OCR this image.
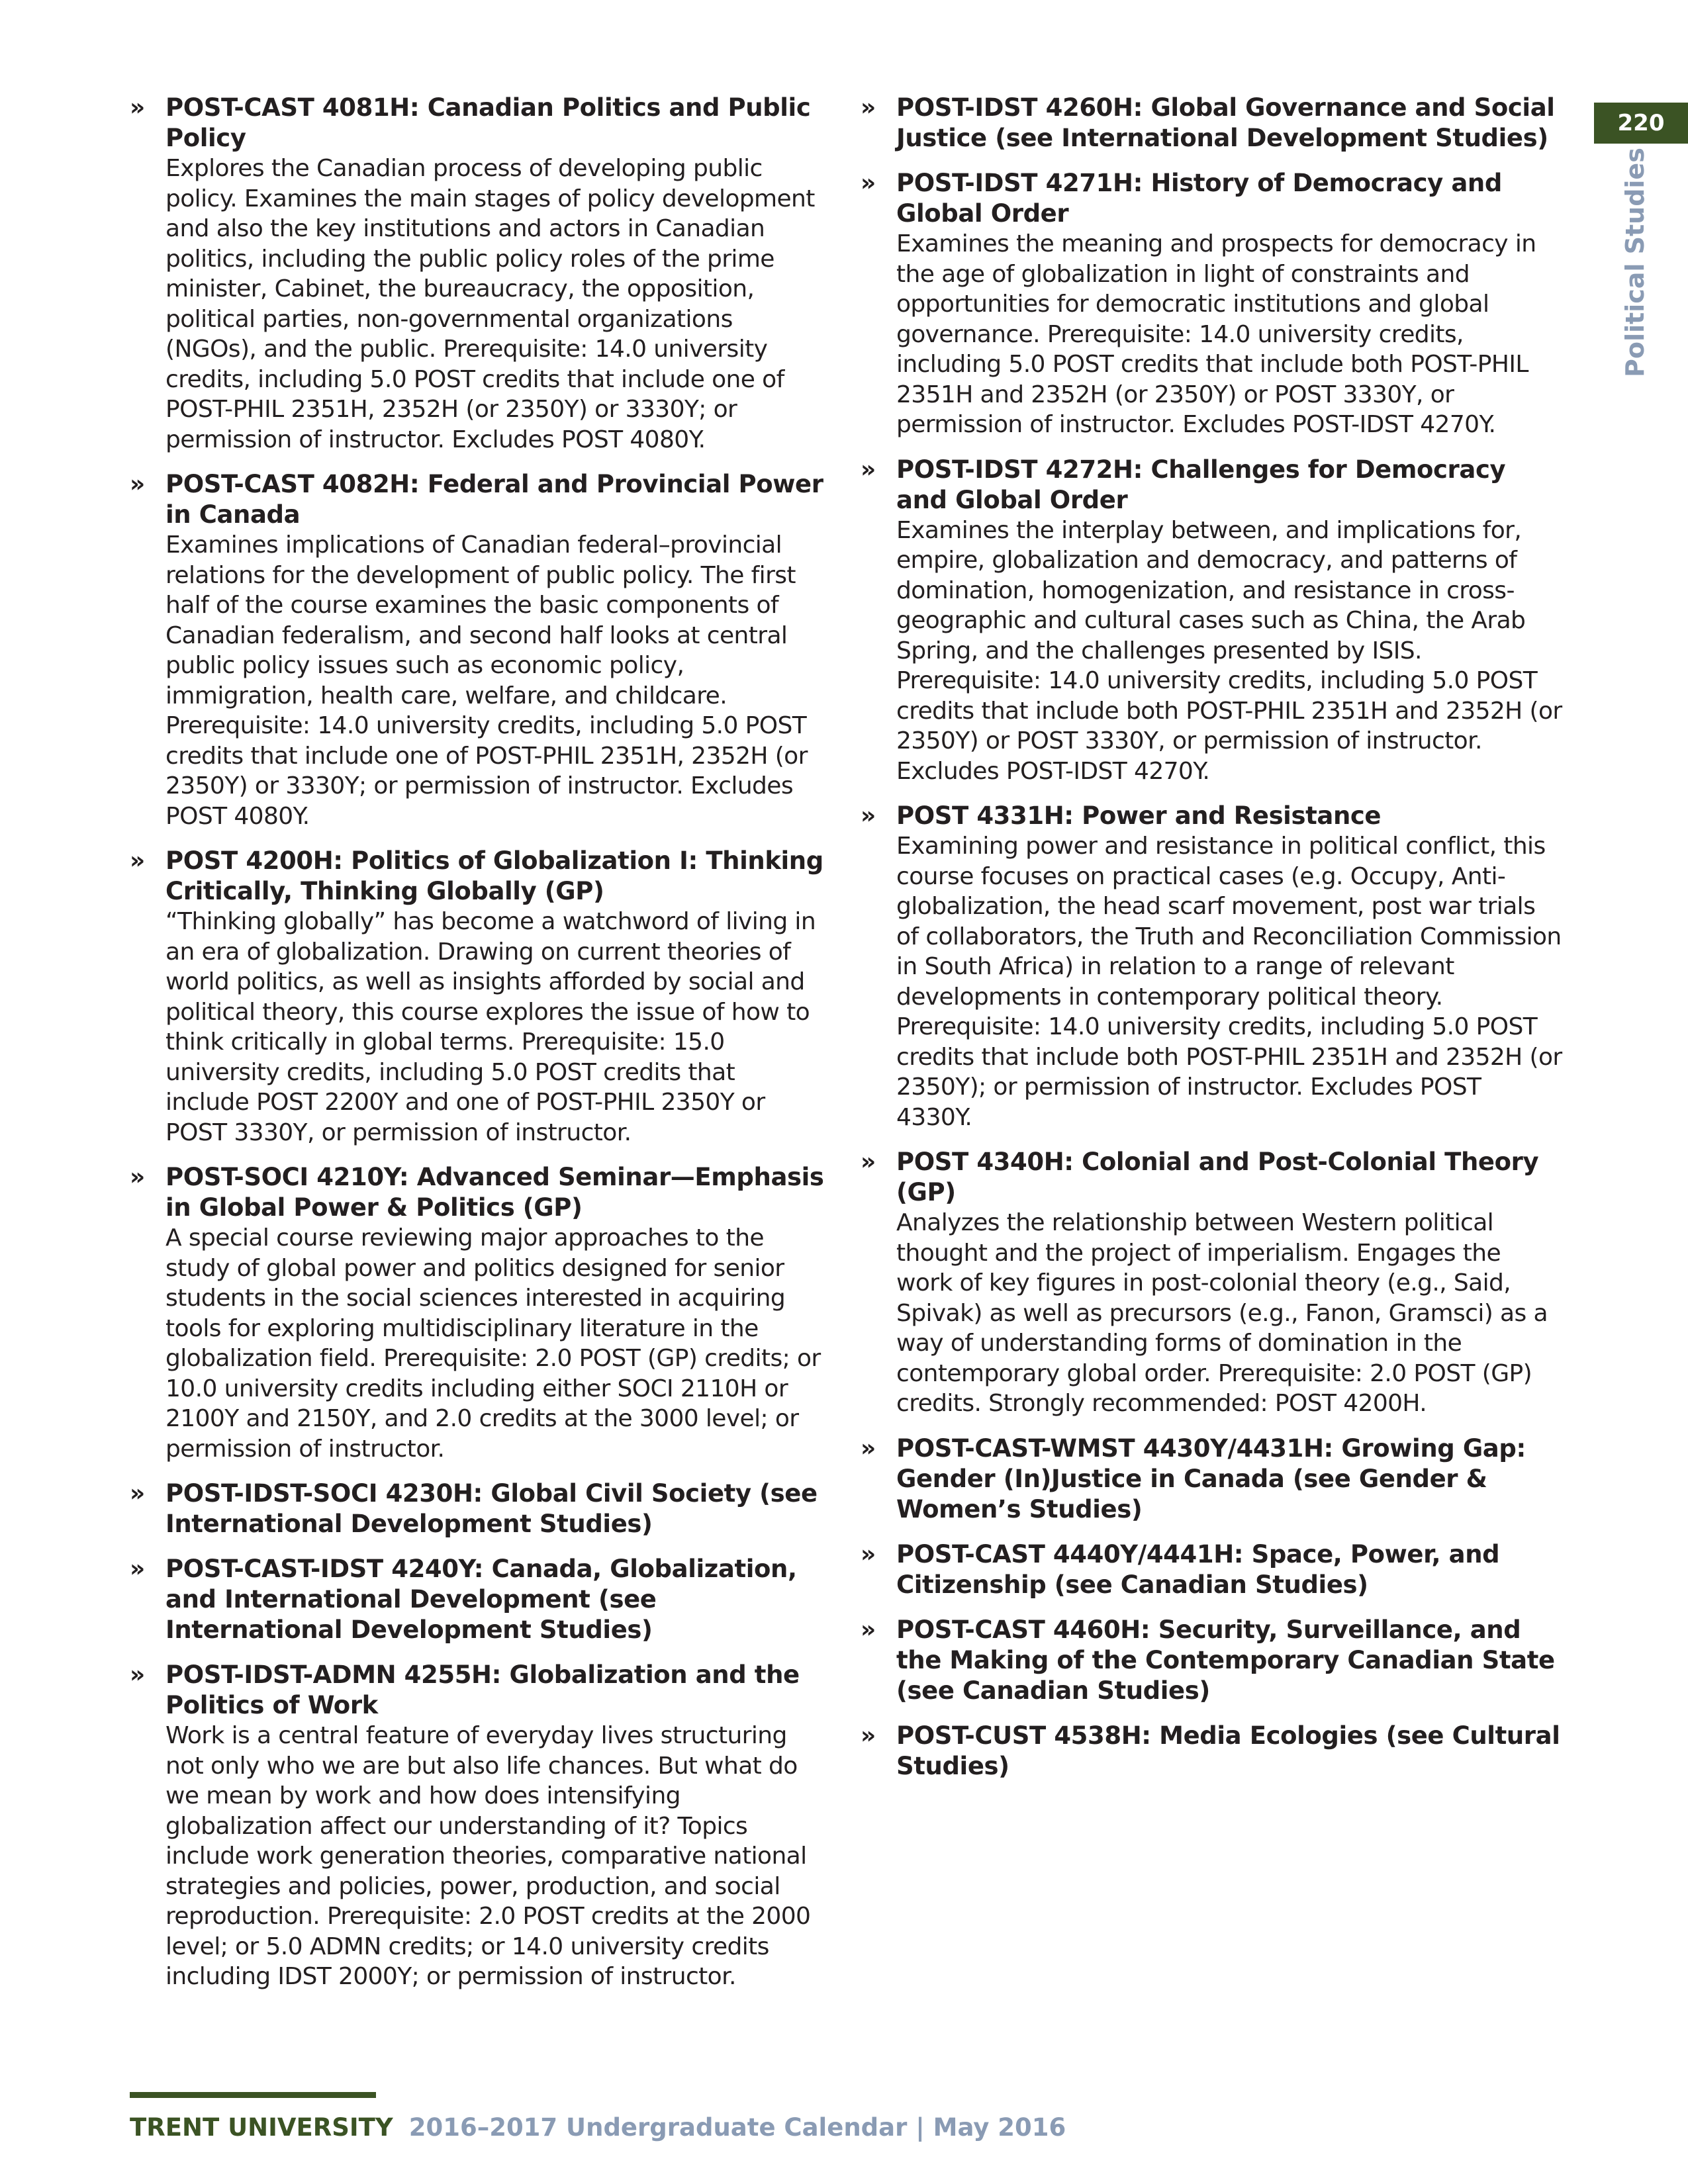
220
Political Studies
» POST-CAST 4081H: Canadian Politics and Public Policy
Explores the Canadian process of developing public policy. Examines the main stages of policy development and also the key institutions and actors in Canadian politics, including the public policy roles of the prime minister, Cabinet, the bureaucracy, the opposition, political parties, non-governmental organizations (NGOs), and the public. Prerequisite: 14.0 university credits, including 5.0 POST credits that include one of POST-PHIL 2351H, 2352H (or 2350Y) or 3330Y; or permission of instructor. Excludes POST 4080Y.
» POST-CAST 4082H: Federal and Provincial Power in Canada
Examines implications of Canadian federal–provincial relations for the development of public policy. The first half of the course examines the basic components of Canadian federalism, and second half looks at central public policy issues such as economic policy, immigration, health care, welfare, and childcare. Prerequisite: 14.0 university credits, including 5.0 POST credits that include one of POST-PHIL 2351H, 2352H (or 2350Y) or 3330Y; or permission of instructor. Excludes POST 4080Y.
» POST 4200H: Politics of Globalization I: Thinking Critically, Thinking Globally (GP)
“Thinking globally” has become a watchword of living in an era of globalization. Drawing on current theories of world politics, as well as insights afforded by social and political theory, this course explores the issue of how to think critically in global terms. Prerequisite: 15.0 university credits, including 5.0 POST credits that include POST 2200Y and one of POST-PHIL 2350Y or POST 3330Y, or permission of instructor.
» POST-SOCI 4210Y: Advanced Seminar—Emphasis in Global Power & Politics (GP)
A special course reviewing major approaches to the study of global power and politics designed for senior students in the social sciences interested in acquiring tools for exploring multidisciplinary literature in the globalization field. Prerequisite: 2.0 POST (GP) credits; or 10.0 university credits including either SOCI 2110H or 2100Y and 2150Y, and 2.0 credits at the 3000 level; or permission of instructor.
» POST-IDST-SOCI 4230H: Global Civil Society (see International Development Studies)
» POST-CAST-IDST 4240Y: Canada, Globalization, and International Development (see International Development Studies)
» POST-IDST-ADMN 4255H: Globalization and the Politics of Work
Work is a central feature of everyday lives structuring not only who we are but also life chances. But what do we mean by work and how does intensifying globalization affect our understanding of it? Topics include work generation theories, comparative national strategies and policies, power, production, and social reproduction. Prerequisite: 2.0 POST credits at the 2000 level; or 5.0 ADMN credits; or 14.0 university credits including IDST 2000Y; or permission of instructor.
» POST-IDST 4260H: Global Governance and Social Justice (see International Development Studies)
» POST-IDST 4271H: History of Democracy and Global Order
Examines the meaning and prospects for democracy in the age of globalization in light of constraints and opportunities for democratic institutions and global governance. Prerequisite: 14.0 university credits, including 5.0 POST credits that include both POST-PHIL 2351H and 2352H (or 2350Y) or POST 3330Y, or permission of instructor. Excludes POST-IDST 4270Y.
» POST-IDST 4272H: Challenges for Democracy and Global Order
Examines the interplay between, and implications for, empire, globalization and democracy, and patterns of domination, homogenization, and resistance in cross-geographic and cultural cases such as China, the Arab Spring, and the challenges presented by ISIS. Prerequisite: 14.0 university credits, including 5.0 POST credits that include both POST-PHIL 2351H and 2352H (or 2350Y) or POST 3330Y, or permission of instructor. Excludes POST-IDST 4270Y.
» POST 4331H: Power and Resistance
Examining power and resistance in political conflict, this course focuses on practical cases (e.g. Occupy, Anti-globalization, the head scarf movement, post war trials of collaborators, the Truth and Reconciliation Commission in South Africa) in relation to a range of relevant developments in contemporary political theory. Prerequisite: 14.0 university credits, including 5.0 POST credits that include both POST-PHIL 2351H and 2352H (or 2350Y); or permission of instructor. Excludes POST 4330Y.
» POST 4340H: Colonial and Post-Colonial Theory (GP)
Analyzes the relationship between Western political thought and the project of imperialism. Engages the work of key figures in post-colonial theory (e.g., Said, Spivak) as well as precursors (e.g., Fanon, Gramsci) as a way of understanding forms of domination in the contemporary global order. Prerequisite: 2.0 POST (GP) credits. Strongly recommended: POST 4200H.
» POST-CAST-WMST 4430Y/4431H: Growing Gap: Gender (In)Justice in Canada (see Gender & Women’s Studies)
» POST-CAST 4440Y/4441H: Space, Power, and Citizenship (see Canadian Studies)
» POST-CAST 4460H: Security, Surveillance, and the Making of the Contemporary Canadian State (see Canadian Studies)
» POST-CUST 4538H: Media Ecologies (see Cultural Studies)
TRENT UNIVERSITY 2016–2017 Undergraduate Calendar | May 2016
